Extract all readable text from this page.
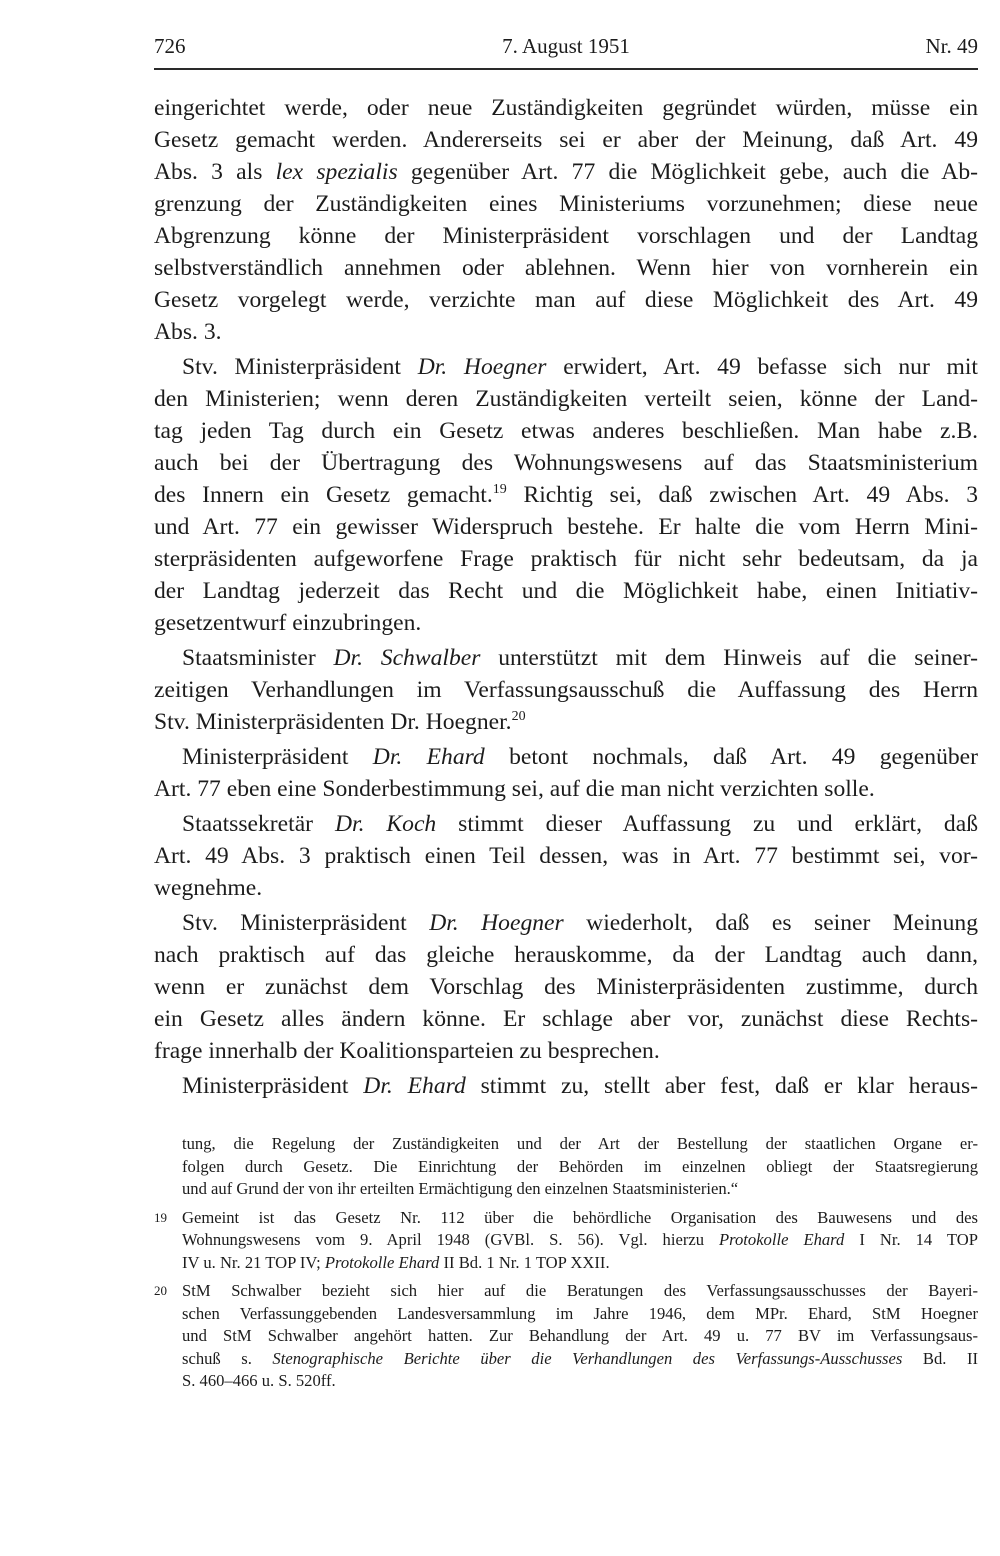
726	7. August 1951	Nr. 49
eingerichtet werde, oder neue Zuständigkeiten gegründet würden, müsse ein
Gesetz gemacht werden. Andererseits sei er aber der Meinung, daß Art. 49
Abs. 3 als lex spezialis gegenüber Art. 77 die Möglichkeit gebe, auch die Ab-
grenzung der Zuständigkeiten eines Ministeriums vorzunehmen; diese neue
Abgrenzung könne der Ministerpräsident vorschlagen und der Landtag
selbstverständlich annehmen oder ablehnen. Wenn hier von vornherein ein
Gesetz vorgelegt werde, verzichte man auf diese Möglichkeit des Art. 49
Abs. 3.
Stv. Ministerpräsident Dr. Hoegner erwidert, Art. 49 befasse sich nur mit
den Ministerien; wenn deren Zuständigkeiten verteilt seien, könne der Land-
tag jeden Tag durch ein Gesetz etwas anderes beschließen. Man habe z.B.
auch bei der Übertragung des Wohnungswesens auf das Staatsministerium
des Innern ein Gesetz gemacht.$^{19}$ Richtig sei, daß zwischen Art. 49 Abs. 3
und Art. 77 ein gewisser Widerspruch bestehe. Er halte die vom Herrn Mini-
sterpräsidenten aufgeworfene Frage praktisch für nicht sehr bedeutsam, da ja
der Landtag jederzeit das Recht und die Möglichkeit habe, einen Initiativ-
gesetzentwurf einzubringen.
Staatsminister Dr. Schwalber unterstützt mit dem Hinweis auf die seiner-
zeitigen Verhandlungen im Verfassungsausschuß die Auffassung des Herrn
Stv. Ministerpräsidenten Dr. Hoegner.$^{20}$
Ministerpräsident Dr. Ehard betont nochmals, daß Art. 49 gegenüber
Art. 77 eben eine Sonderbestimmung sei, auf die man nicht verzichten solle.
Staatssekretär Dr. Koch stimmt dieser Auffassung zu und erklärt, daß
Art. 49 Abs. 3 praktisch einen Teil dessen, was in Art. 77 bestimmt sei, vor-
wegnehme.
Stv. Ministerpräsident Dr. Hoegner wiederholt, daß es seiner Meinung
nach praktisch auf das gleiche herauskomme, da der Landtag auch dann,
wenn er zunächst dem Vorschlag des Ministerpräsidenten zustimme, durch
ein Gesetz alles ändern könne. Er schlage aber vor, zunächst diese Rechts-
frage innerhalb der Koalitionsparteien zu besprechen.
Ministerpräsident Dr. Ehard stimmt zu, stellt aber fest, daß er klar heraus-
tung, die Regelung der Zuständigkeiten und der Art der Bestellung der staatlichen Organe er-
folgen durch Gesetz. Die Einrichtung der Behörden im einzelnen obliegt der Staatsregierung
und auf Grund der von ihr erteilten Ermächtigung den einzelnen Staatsministerien.“
19 Gemeint ist das Gesetz Nr. 112 über die behördliche Organisation des Bauwesens und des
Wohnungswesens vom 9. April 1948 (GVBl. S. 56). Vgl. hierzu Protokolle Ehard I Nr. 14 TOP
IV u. Nr. 21 TOP IV; Protokolle Ehard II Bd. 1 Nr. 1 TOP XXII.
20 StM Schwalber bezieht sich hier auf die Beratungen des Verfassungsausschusses der Bayeri-
schen Verfassunggebenden Landesversammlung im Jahre 1946, dem MPr. Ehard, StM Hoegner
und StM Schwalber angehört hatten. Zur Behandlung der Art. 49 u. 77 BV im Verfassungsaus-
schuß s. Stenographische Berichte über die Verhandlungen des Verfassungs-Ausschusses Bd. II
S. 460–466 u. S. 520ff.
